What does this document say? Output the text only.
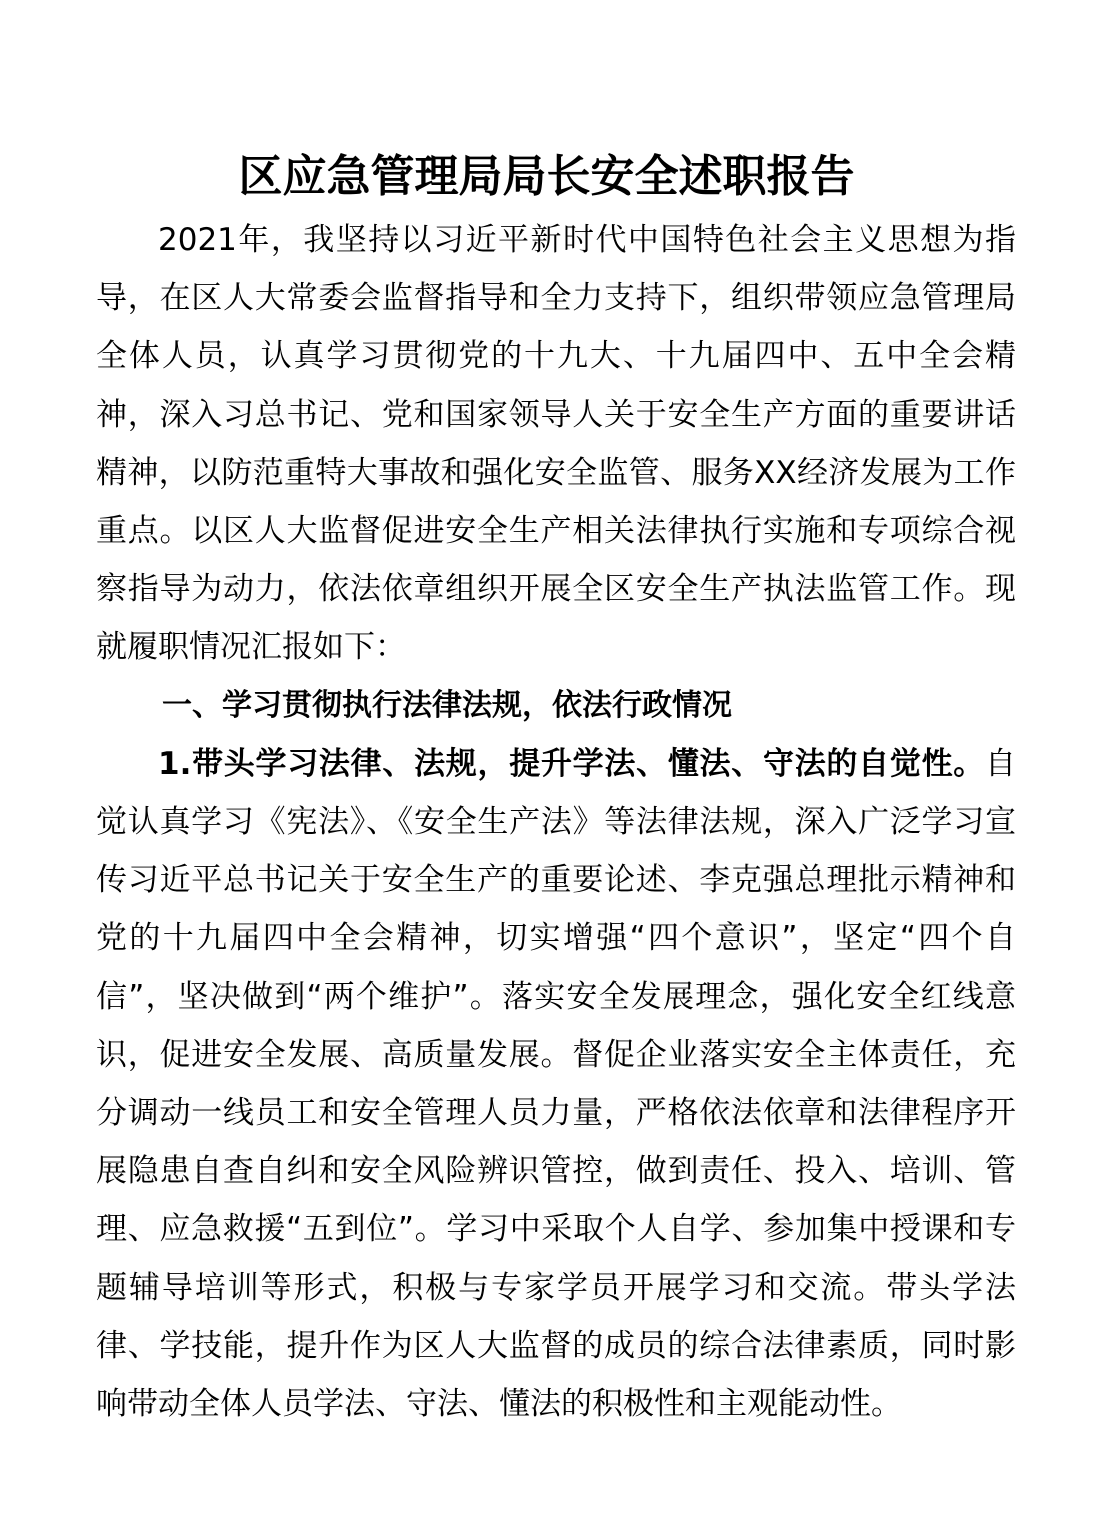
区应急管理局局长安全述职报告

2021年，我坚持以习近平新时代中国特色社会主义思想为指导，在区人大常委会监督指导和全力支持下，组织带领应急管理局全体人员，认真学习贯彻党的十九大、十九届四中、五中全会精神，深入习总书记、党和国家领导人关于安全生产方面的重要讲话精神，以防范重特大事故和强化安全监管、服务XX经济发展为工作重点。以区人大监督促进安全生产相关法律执行实施和专项综合视察指导为动力，依法依章组织开展全区安全生产执法监管工作。现就履职情况汇报如下：

一、学习贯彻执行法律法规，依法行政情况

1.带头学习法律、法规，提升学法、懂法、守法的自觉性。自觉认真学习《宪法》、《安全生产法》等法律法规，深入广泛学习宣传习近平总书记关于安全生产的重要论述、李克强总理批示精神和党的十九届四中全会精神，切实增强“四个意识”，坚定“四个自信”，坚决做到“两个维护”。落实安全发展理念，强化安全红线意识，促进安全发展、高质量发展。督促企业落实安全主体责任，充分调动一线员工和安全管理人员力量，严格依法依章和法律程序开展隐患自查自纠和安全风险辨识管控，做到责任、投入、培训、管理、应急救援“五到位”。学习中采取个人自学、参加集中授课和专题辅导培训等形式，积极与专家学员开展学习和交流。带头学法律、学技能，提升作为区人大监督的成员的综合法律素质，同时影响带动全体人员学法、守法、懂法的积极性和主观能动性。
